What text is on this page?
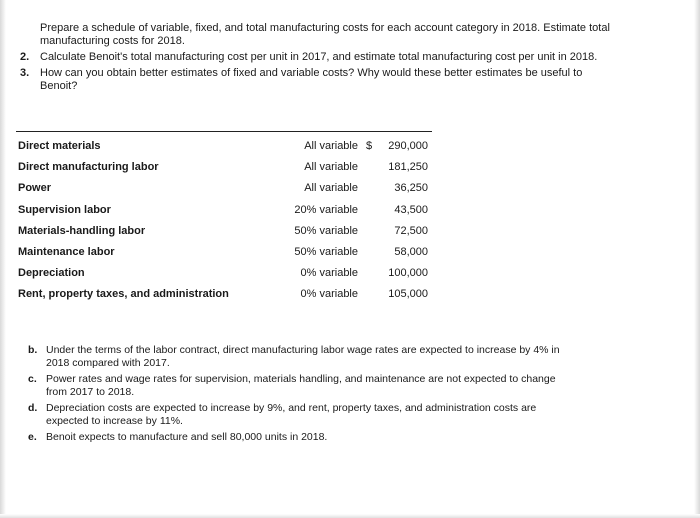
Prepare a schedule of variable, fixed, and total manufacturing costs for each account category in 2018. Estimate total manufacturing costs for 2018.
2. Calculate Benoit's total manufacturing cost per unit in 2017, and estimate total manufacturing cost per unit in 2018.
3. How can you obtain better estimates of fixed and variable costs? Why would these better estimates be useful to Benoit?
Direct materials	All variable $	290,000
Direct manufacturing labor	All variable	181,250
Power	All variable	36,250
Supervision labor	20% variable	43,500
Materials-handling labor	50% variable	72,500
Maintenance labor	50% variable	58,000
Depreciation	0% variable	100,000
Rent, property taxes, and administration	0% variable	105,000
b. Under the terms of the labor contract, direct manufacturing labor wage rates are expected to increase by 4% in 2018 compared with 2017.
c. Power rates and wage rates for supervision, materials handling, and maintenance are not expected to change from 2017 to 2018.
d. Depreciation costs are expected to increase by 9%, and rent, property taxes, and administration costs are expected to increase by 11%.
e. Benoit expects to manufacture and sell 80,000 units in 2018.
